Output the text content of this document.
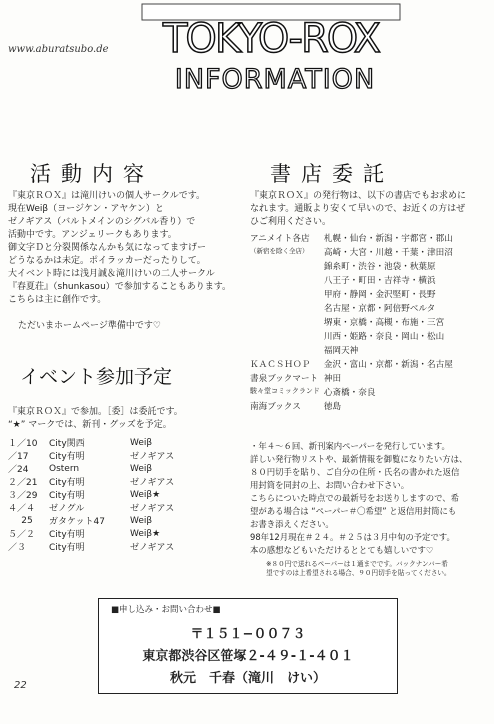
www.aburatsubo.de TOKYO-ROX
INFORMATION
活動内容
『東京ＲＯＸ』は滝川けいの個人サークルです。
現在Weiβ（ヨージケン・アヤケン）と
ゼノギアス（バルトメインのシグバル香り）で
活動中です。アンジェリークもあります。
御文字Ｄと分裂関係なんかも気になってますげー
どうなるかは未定。ポイラッカーだったりして。
大イベント時には浅月誠＆滝川けいの二人サークル
『春夏荘』（shunkasou）で参加することもあります。
こちらは主に創作です。
ただいまホームページ準備中です♡
イベント参加予定
『東京ＲＯＸ』で参加。［委］は委託です。
“★” マークでは、新刊・グッズを予定。
１／10	City関西	Weiβ
／17	City有明	ゼノギアス
／24	Ostern	Weiβ
２／21	City有明	ゼノギアス
３／29	City有明	Weiβ★
４／４	ゼノグル	ゼノギアス
25	ガタケット47	Weiβ
５／２	City有明	Weiβ★
／３	City有明	ゼノギアス
書店委託
『東京ＲＯＸ』の発行物は、以下の書店でもお求めに
なれます。通販より安くて早いので、お近くの方はぜ
ひご利用ください。
アニメイト各店	札幌・仙台・新潟・宇都宮・郡山
（新宿を除く全店）	高崎・大宮・川越・千葉・津田沼
	錦糸町・渋谷・池袋・秋葉原
	八王子・町田・吉祥寺・横浜
	甲府・静岡・金沢堅町・長野
	名古屋・京都・阿倍野ベルタ
	堺東・京橋・高槻・布施・三宮
	川西・姫路・奈良・岡山・松山
	福岡天神
ＫＡＣＳＨＯＰ	金沢・富山・京都・新潟・名古屋
書泉ブックマート	神田
駿々堂コミックランド	心斎橋・奈良
南海ブックス	徳島
・年４〜６回、新刊案内ペーパーを発行しています。
詳しい発行物リストや、最新情報を御覧になりたい方は、
８０円切手を貼り、ご自分の住所・氏名の書かれた返信
用封筒を同封の上、お問い合わせ下さい。
こちらについた時点での最新号をお送りしますので、希
望がある場合は “ペーパー＃〇希望” と返信用封筒にも
お書き添えください。
98年12月現在＃２４。＃２５は３月中旬の予定です。
本の感想などもいただけるととても嬉しいです♡
※８０円で送れるペーパーは１通までです。バックナンバー希
望ですのは上希望される場合、９０円切手を貼ってください。
■申し込み・お問い合わせ■
〒１５１−００７３
東京都渋谷区笹塚２-４９-１-４０１
秋元　千春（滝川　けい）
22
